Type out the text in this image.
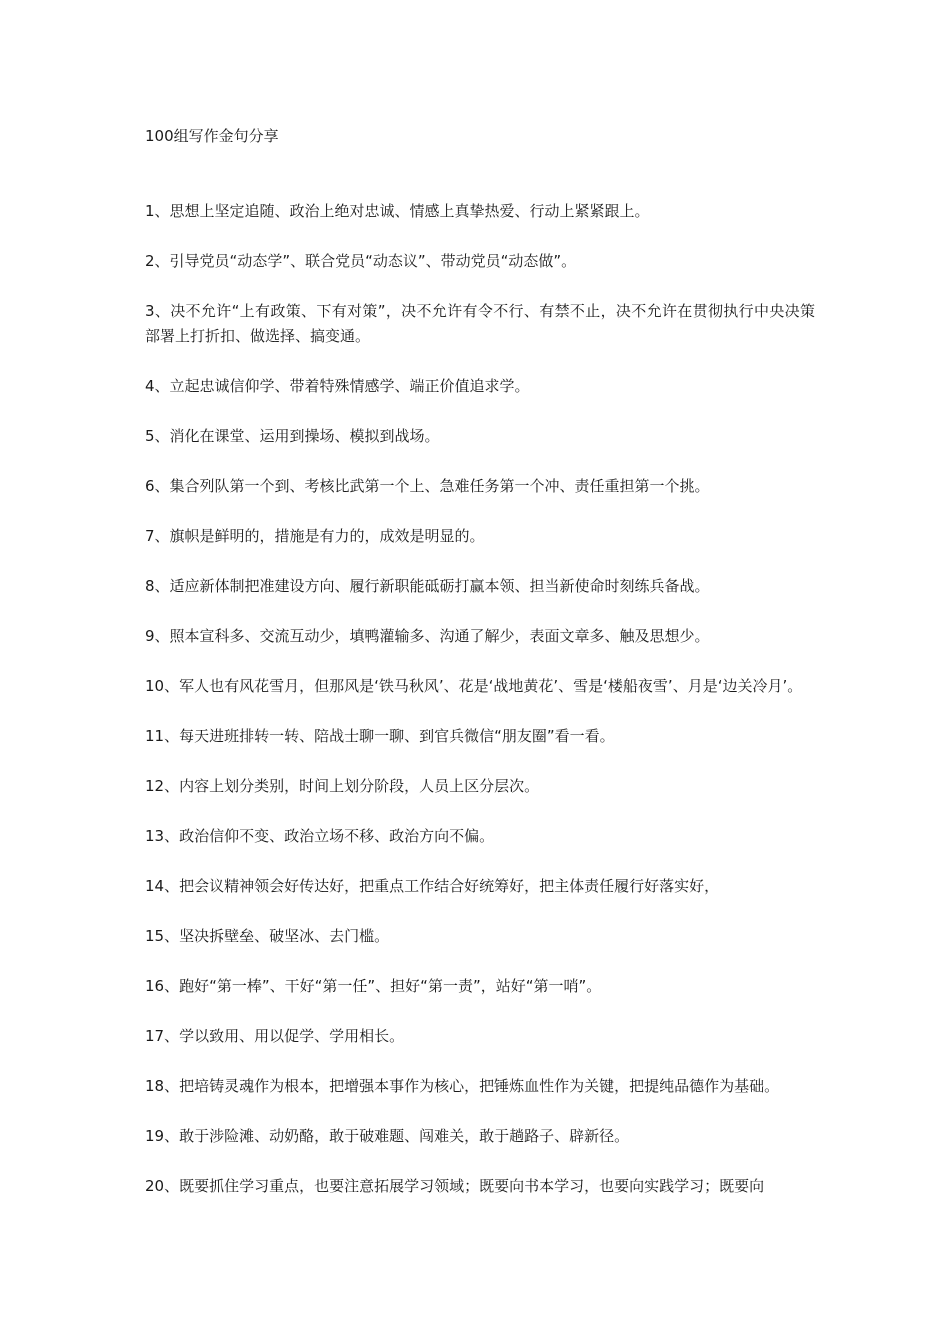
100组写作金句分享
1、思想上坚定追随、政治上绝对忠诚、情感上真挚热爱、行动上紧紧跟上。
2、引导党员“动态学”、联合党员“动态议”、带动党员“动态做”。
3、决不允许“上有政策、下有对策”，决不允许有令不行、有禁不止，决不允许在贯彻执行中央决策部署上打折扣、做选择、搞变通。
4、立起忠诚信仰学、带着特殊情感学、端正价值追求学。
5、消化在课堂、运用到操场、模拟到战场。
6、集合列队第一个到、考核比武第一个上、急难任务第一个冲、责任重担第一个挑。
7、旗帜是鲜明的，措施是有力的，成效是明显的。
8、适应新体制把准建设方向、履行新职能砥砺打赢本领、担当新使命时刻练兵备战。
9、照本宣科多、交流互动少，填鸭灌输多、沟通了解少，表面文章多、触及思想少。
10、军人也有风花雪月，但那风是‘铁马秋风’、花是‘战地黄花’、雪是‘楼船夜雪’、月是‘边关冷月’。
11、每天进班排转一转、陪战士聊一聊、到官兵微信“朋友圈”看一看。
12、内容上划分类别，时间上划分阶段，人员上区分层次。
13、政治信仰不变、政治立场不移、政治方向不偏。
14、把会议精神领会好传达好，把重点工作结合好统筹好，把主体责任履行好落实好，
15、坚决拆壁垒、破坚冰、去门槛。
16、跑好“第一棒”、干好“第一任”、担好“第一责”，站好“第一哨”。
17、学以致用、用以促学、学用相长。
18、把培铸灵魂作为根本，把增强本事作为核心，把锤炼血性作为关键，把提纯品德作为基础。
19、敢于涉险滩、动奶酪，敢于破难题、闯难关，敢于趟路子、辟新径。
20、既要抓住学习重点，也要注意拓展学习领域；既要向书本学习，也要向实践学习；既要向
